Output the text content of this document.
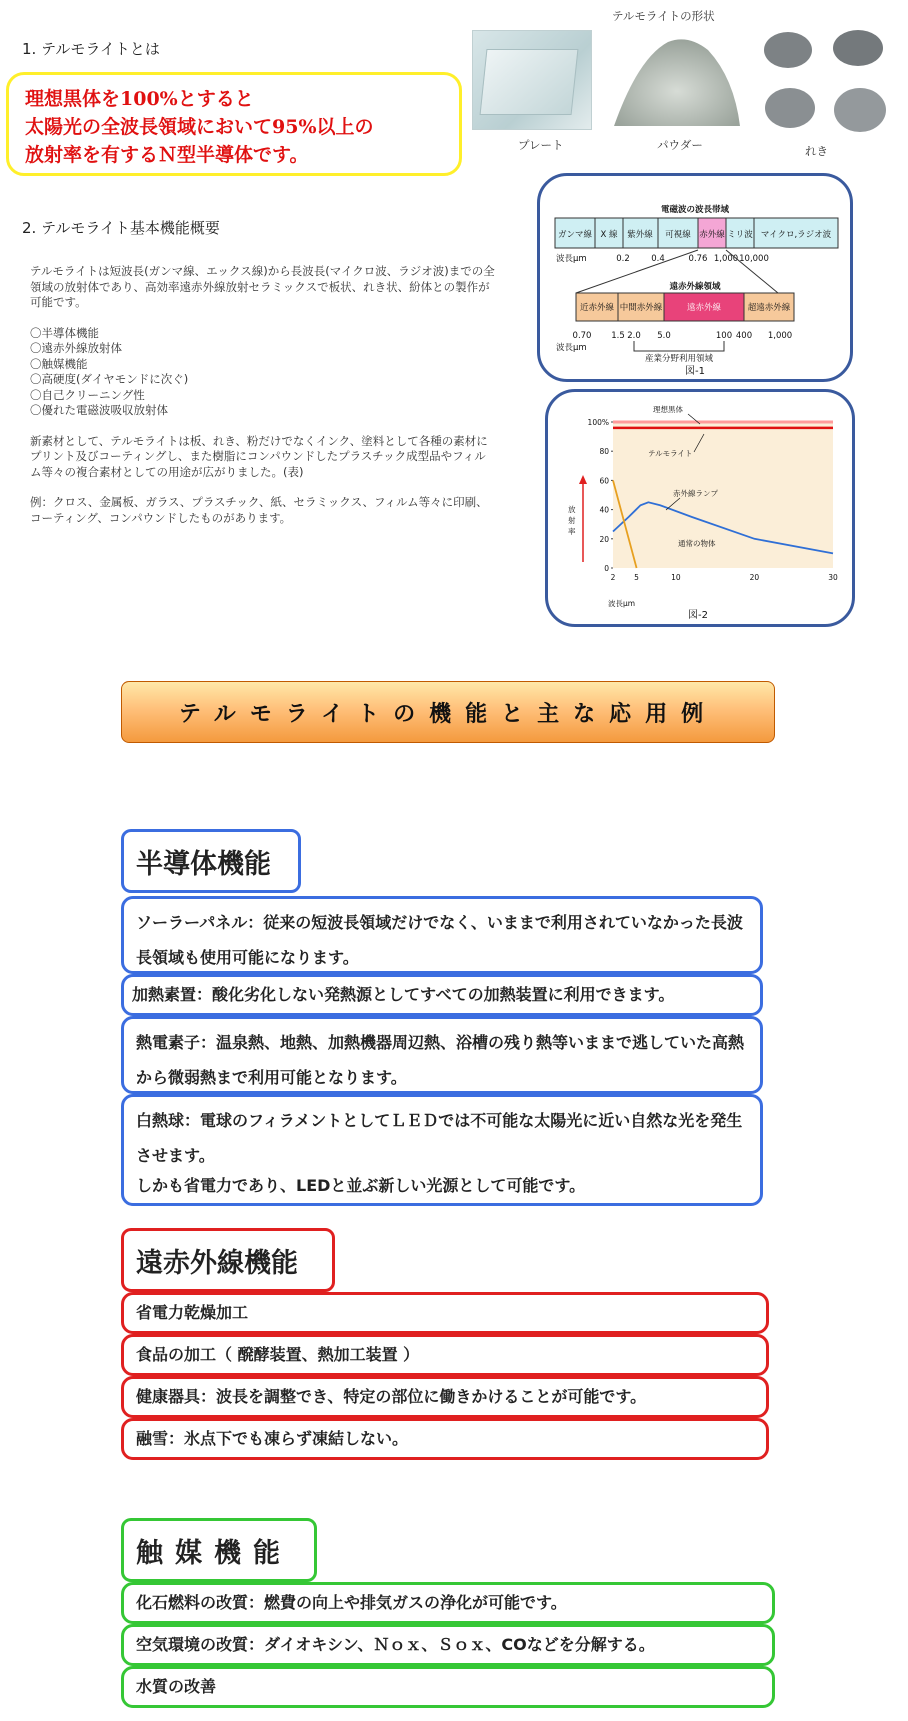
1. テルモライトとは
理想黒体を100%とすると
太陽光の全波長領域において95%以上の
放射率を有するＮ型半導体です。
2. テルモライト基本機能概要

テルモライトは短波長(ガンマ線、エックス線)から長波長(マイクロ波、ラジオ波)までの全領域の放射体であり、高効率遠赤外線放射セラミックスで板状、れき状、紛体との製作が可能です。

〇半導体機能
〇遠赤外線放射体
〇触媒機能
〇高硬度(ダイヤモンドに次ぐ)
〇自己クリーニング性
〇優れた電磁波吸収放射体

新素材として、テルモライトは板、れき、粉だけでなくインク、塗料として各種の素材にプリント及びコーティングし、また樹脂にコンパウンドしたプラスチック成型品やフィルム等々の複合素材としての用途が広がりました。(表)

例：クロス、金属板、ガラス、プラスチック、紙、セラミックス、フィルム等々に印刷、コーティング、コンパウンドしたものがあります。

テルモライトの形状
プレート	パウダー	れき
電磁波の波長帯域
ガンマ線 X 線 紫外線 可視線 赤外線 ミリ波 マイクロ,ラジオ波
波長μm	0.2	0.4	0.76 1,000 10,000
遠赤外線領域
近赤外線 中間赤外線	遠赤外線	超遠赤外線
0.70 1.5 2.0 5.0	100 400 1,000
波長μm
産業分野利用領域
図-1
2	5	10	20	30
0
20
40
60
80
100%
放射率
波長μm
図-2
理想黒体
テルモライト
赤外線ランプ
通常の物体
テルモライトの機能と主な応用例
半導体機能
ソーラーパネル：従来の短波長領域だけでなく、いままで利用されていなかった長波長領域も使用可能になります。
加熱素置：酸化劣化しない発熱源としてすべての加熱装置に利用できます。
熱電素子：温泉熱、地熱、加熱機器周辺熱、浴槽の残り熱等いままで逃していた高熱から微弱熱まで利用可能となります。
白熱球：電球のフィラメントとしてＬＥＤでは不可能な太陽光に近い自然な光を発生させます。
しかも省電力であり、LEDと並ぶ新しい光源として可能です。
遠赤外線機能
省電力乾燥加工
食品の加工（ 醗酵装置、熱加工装置 ）
健康器具：波長を調整でき、特定の部位に働きかけることが可能です。
融雪：氷点下でも凍らず凍結しない。
触媒機能
化石燃料の改質：燃費の向上や排気ガスの浄化が可能です。
空気環境の改質：ダイオキシン、Ｎｏｘ、Ｓｏｘ、COなどを分解する。
水質の改善
